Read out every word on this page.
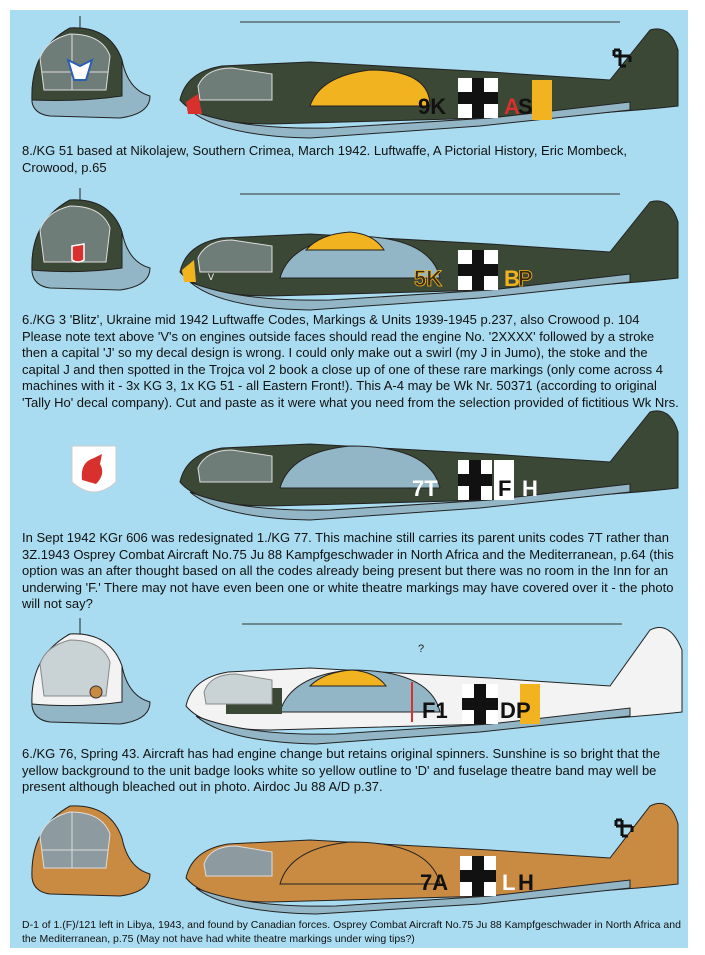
9K	A
S
8./KG 51 based at Nikolajew, Southern Crimea, March 1942. Luftwaffe, A Pictorial History, Eric Mombeck, Crowood, p.65
V	5K	B
P
6./KG 3 'Blitz', Ukraine mid 1942 Luftwaffe Codes, Markings & Units 1939-1945 p.237, also Crowood p. 104 Please note text above 'V's on engines outside faces should read the engine No. '2XXXX' followed by a stroke then a capital 'J' so my decal design is wrong. I could only make out a swirl (my J in Jumo), the stoke and the capital J and then spotted in the Trojca vol 2 book a close up of one of these rare markings (only come across 4 machines with it - 3x KG 3, 1x KG 51 - all Eastern Front!). This A-4 may be Wk Nr. 50371 (according to original 'Tally Ho' decal company). Cut and paste as it were what you need from the selection provided of fictitious Wk Nrs.
7T	F H
In Sept 1942 KGr 606 was redesignated 1./KG 77. This machine still carries its parent units codes 7T rather than 3Z.1943 Osprey Combat Aircraft No.75 Ju 88 Kampfgeschwader in North Africa and the Mediterranean, p.64 (this option was an after thought based on all the codes already being present but there was no room in the Inn for an underwing 'F.' There may not have even been one or white theatre markings may have covered over it - the photo will not say?
?
F1 D P
6./KG 76, Spring 43. Aircraft has had engine change but retains original spinners. Sunshine is so bright that the yellow background to the unit badge looks white so yellow outline to 'D' and fuselage theatre band may well be present although bleached out in photo. Airdoc Ju 88 A/D p.37.
7A L H
D-1 of 1.(F)/121 left in Libya, 1943, and found by Canadian forces. Osprey Combat Aircraft No.75 Ju 88 Kampfgeschwader in North Africa and the Mediterranean, p.75 (May not have had white theatre markings under wing tips?)
